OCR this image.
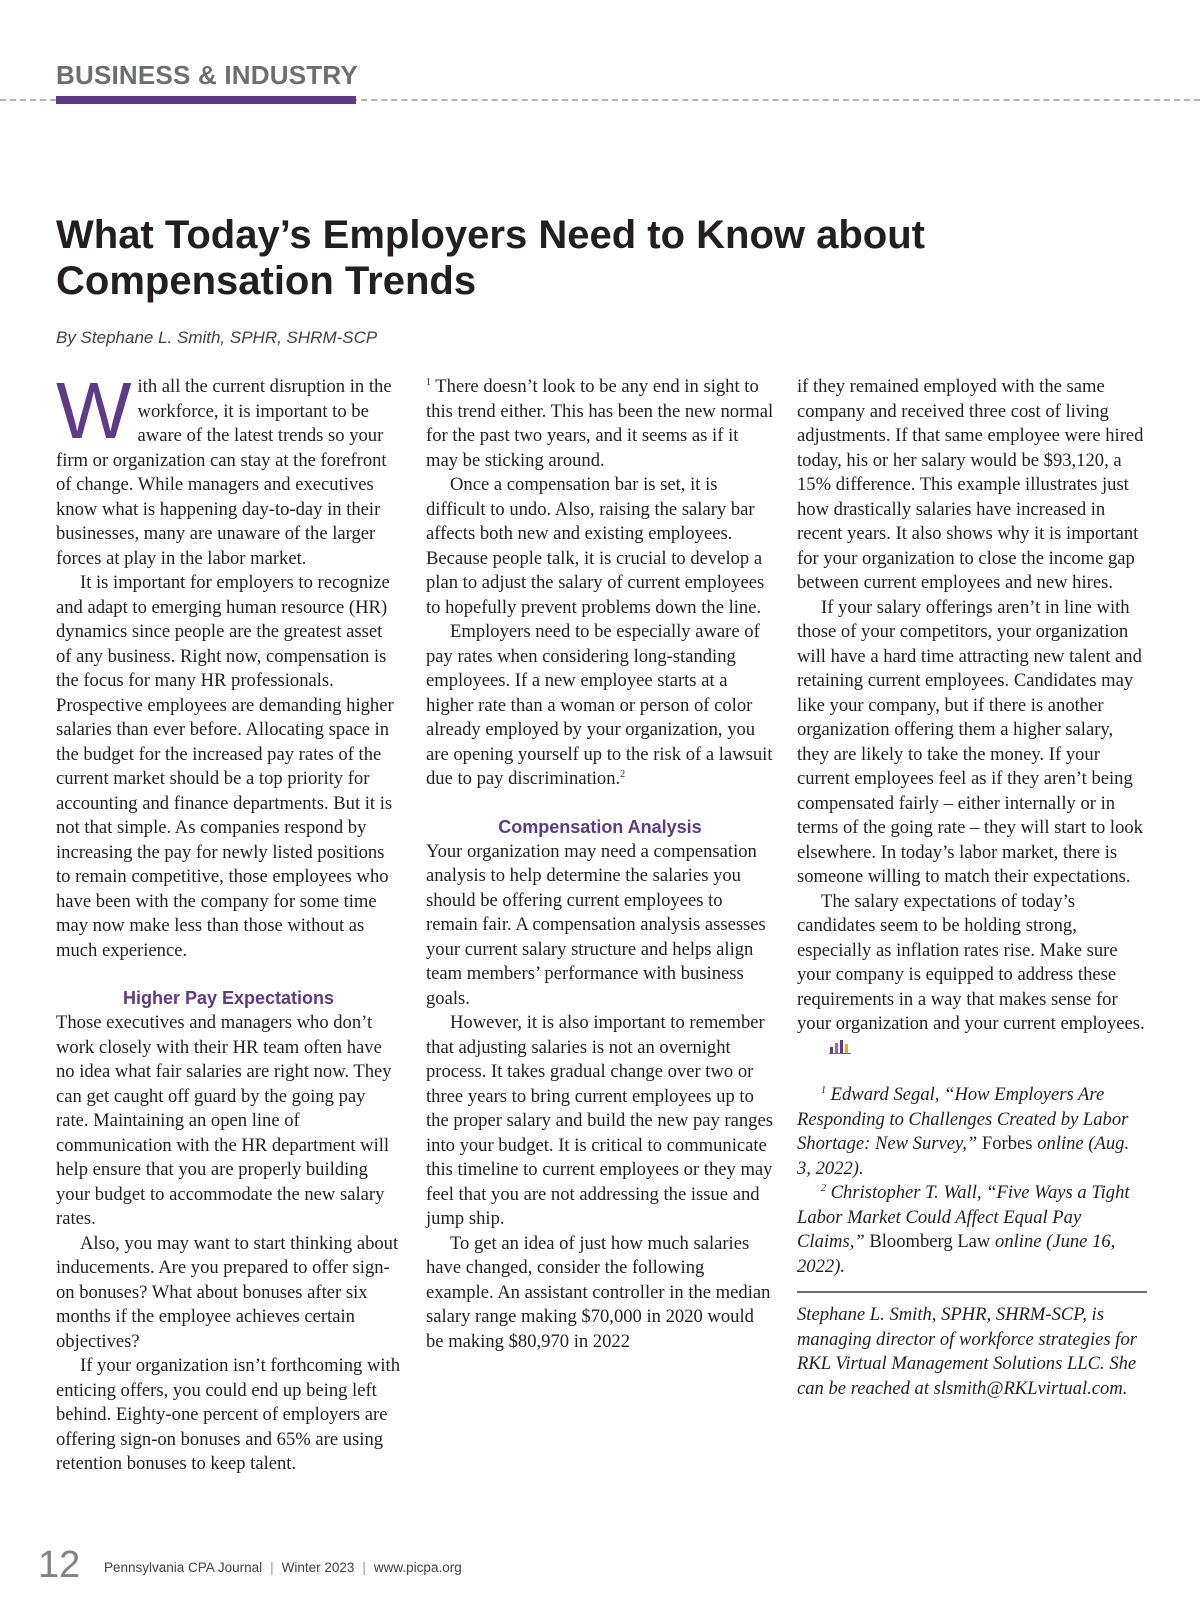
BUSINESS & INDUSTRY
What Today’s Employers Need to Know about
Compensation Trends
By Stephane L. Smith, SPHR, SHRM-SCP

With all the current disruption in the workforce, it is important to be aware of the latest trends so your firm or organization can stay at the forefront of change. While managers and executives know what is happening day-to-day in their businesses, many are unaware of the larger forces at play in the labor market.

It is important for employers to recognize and adapt to emerging human resource (HR) dynamics since people are the greatest asset of any business. Right now, compensation is the focus for many HR professionals. Prospective employees are demanding higher salaries than ever before. Allocating space in the budget for the increased pay rates of the current market should be a top priority for accounting and finance departments. But it is not that simple. As companies respond by increasing the pay for newly listed positions to remain competitive, those employees who have been with the company for some time may now make less than those without as much experience.

Higher Pay Expectations

Those executives and managers who don’t work closely with their HR team often have no idea what fair salaries are right now. They can get caught off guard by the going pay rate. Maintaining an open line of communication with the HR department will help ensure that you are properly building your budget to accommodate the new salary rates.

Also, you may want to start thinking about inducements. Are you prepared to offer sign-on bonuses? What about bonuses after six months if the employee achieves certain objectives?

If your organization isn’t forthcoming with enticing offers, you could end up being left behind. Eighty-one percent of employers are offering sign-on bonuses and 65% are using retention bonuses to keep talent.

$^1$ There doesn’t look to be any end in sight to this trend either. This has been the new normal for the past two years, and it seems as if it may be sticking around.

Once a compensation bar is set, it is difficult to undo. Also, raising the salary bar affects both new and existing employees. Because people talk, it is crucial to develop a plan to adjust the salary of current employees to hopefully prevent problems down the line.

Employers need to be especially aware of pay rates when considering long-standing employees. If a new employee starts at a higher rate than a woman or person of color already employed by your organization, you are opening yourself up to the risk of a lawsuit due to pay discrimination.$^2$

Compensation Analysis

Your organization may need a compensation analysis to help determine the salaries you should be offering current employees to remain fair. A compensation analysis assesses your current salary structure and helps align team members’ performance with business goals.

However, it is also important to remember that adjusting salaries is not an overnight process. It takes gradual change over two or three years to bring current employees up to the proper salary and build the new pay ranges into your budget. It is critical to communicate this timeline to current employees or they may feel that you are not addressing the issue and jump ship.

To get an idea of just how much salaries have changed, consider the following example. An assistant controller in the median salary range making $70,000 in 2020 would be making $80,970 in 2022

if they remained employed with the same company and received three cost of living adjustments. If that same employee were hired today, his or her salary would be $93,120, a 15% difference. This example illustrates just how drastically salaries have increased in recent years. It also shows why it is important for your organization to close the income gap between current employees and new hires.

If your salary offerings aren’t in line with those of your competitors, your organization will have a hard time attracting new talent and retaining current employees. Candidates may like your company, but if there is another organization offering them a higher salary, they are likely to take the money. If your current employees feel as if they aren’t being compensated fairly – either internally or in terms of the going rate – they will start to look elsewhere. In today’s labor market, there is someone willing to match their expectations.

The salary expectations of today’s candidates seem to be holding strong, especially as inflation rates rise. Make sure your company is equipped to address these requirements in a way that makes sense for your organization and your current employees.

$^1$ Edward Segal, “How Employers Are Responding to Challenges Created by Labor Shortage: New Survey,” Forbes online (Aug. 3, 2022).

$^2$ Christopher T. Wall, “Five Ways a Tight Labor Market Could Affect Equal Pay Claims,” Bloomberg Law online (June 16, 2022).

Stephane L. Smith, SPHR, SHRM-SCP, is managing director of workforce strategies for RKL Virtual Management Solutions LLC. She can be reached at slsmith@RKLvirtual.com.

12 Pennsylvania CPA Journal | Winter 2023 | www.picpa.org
